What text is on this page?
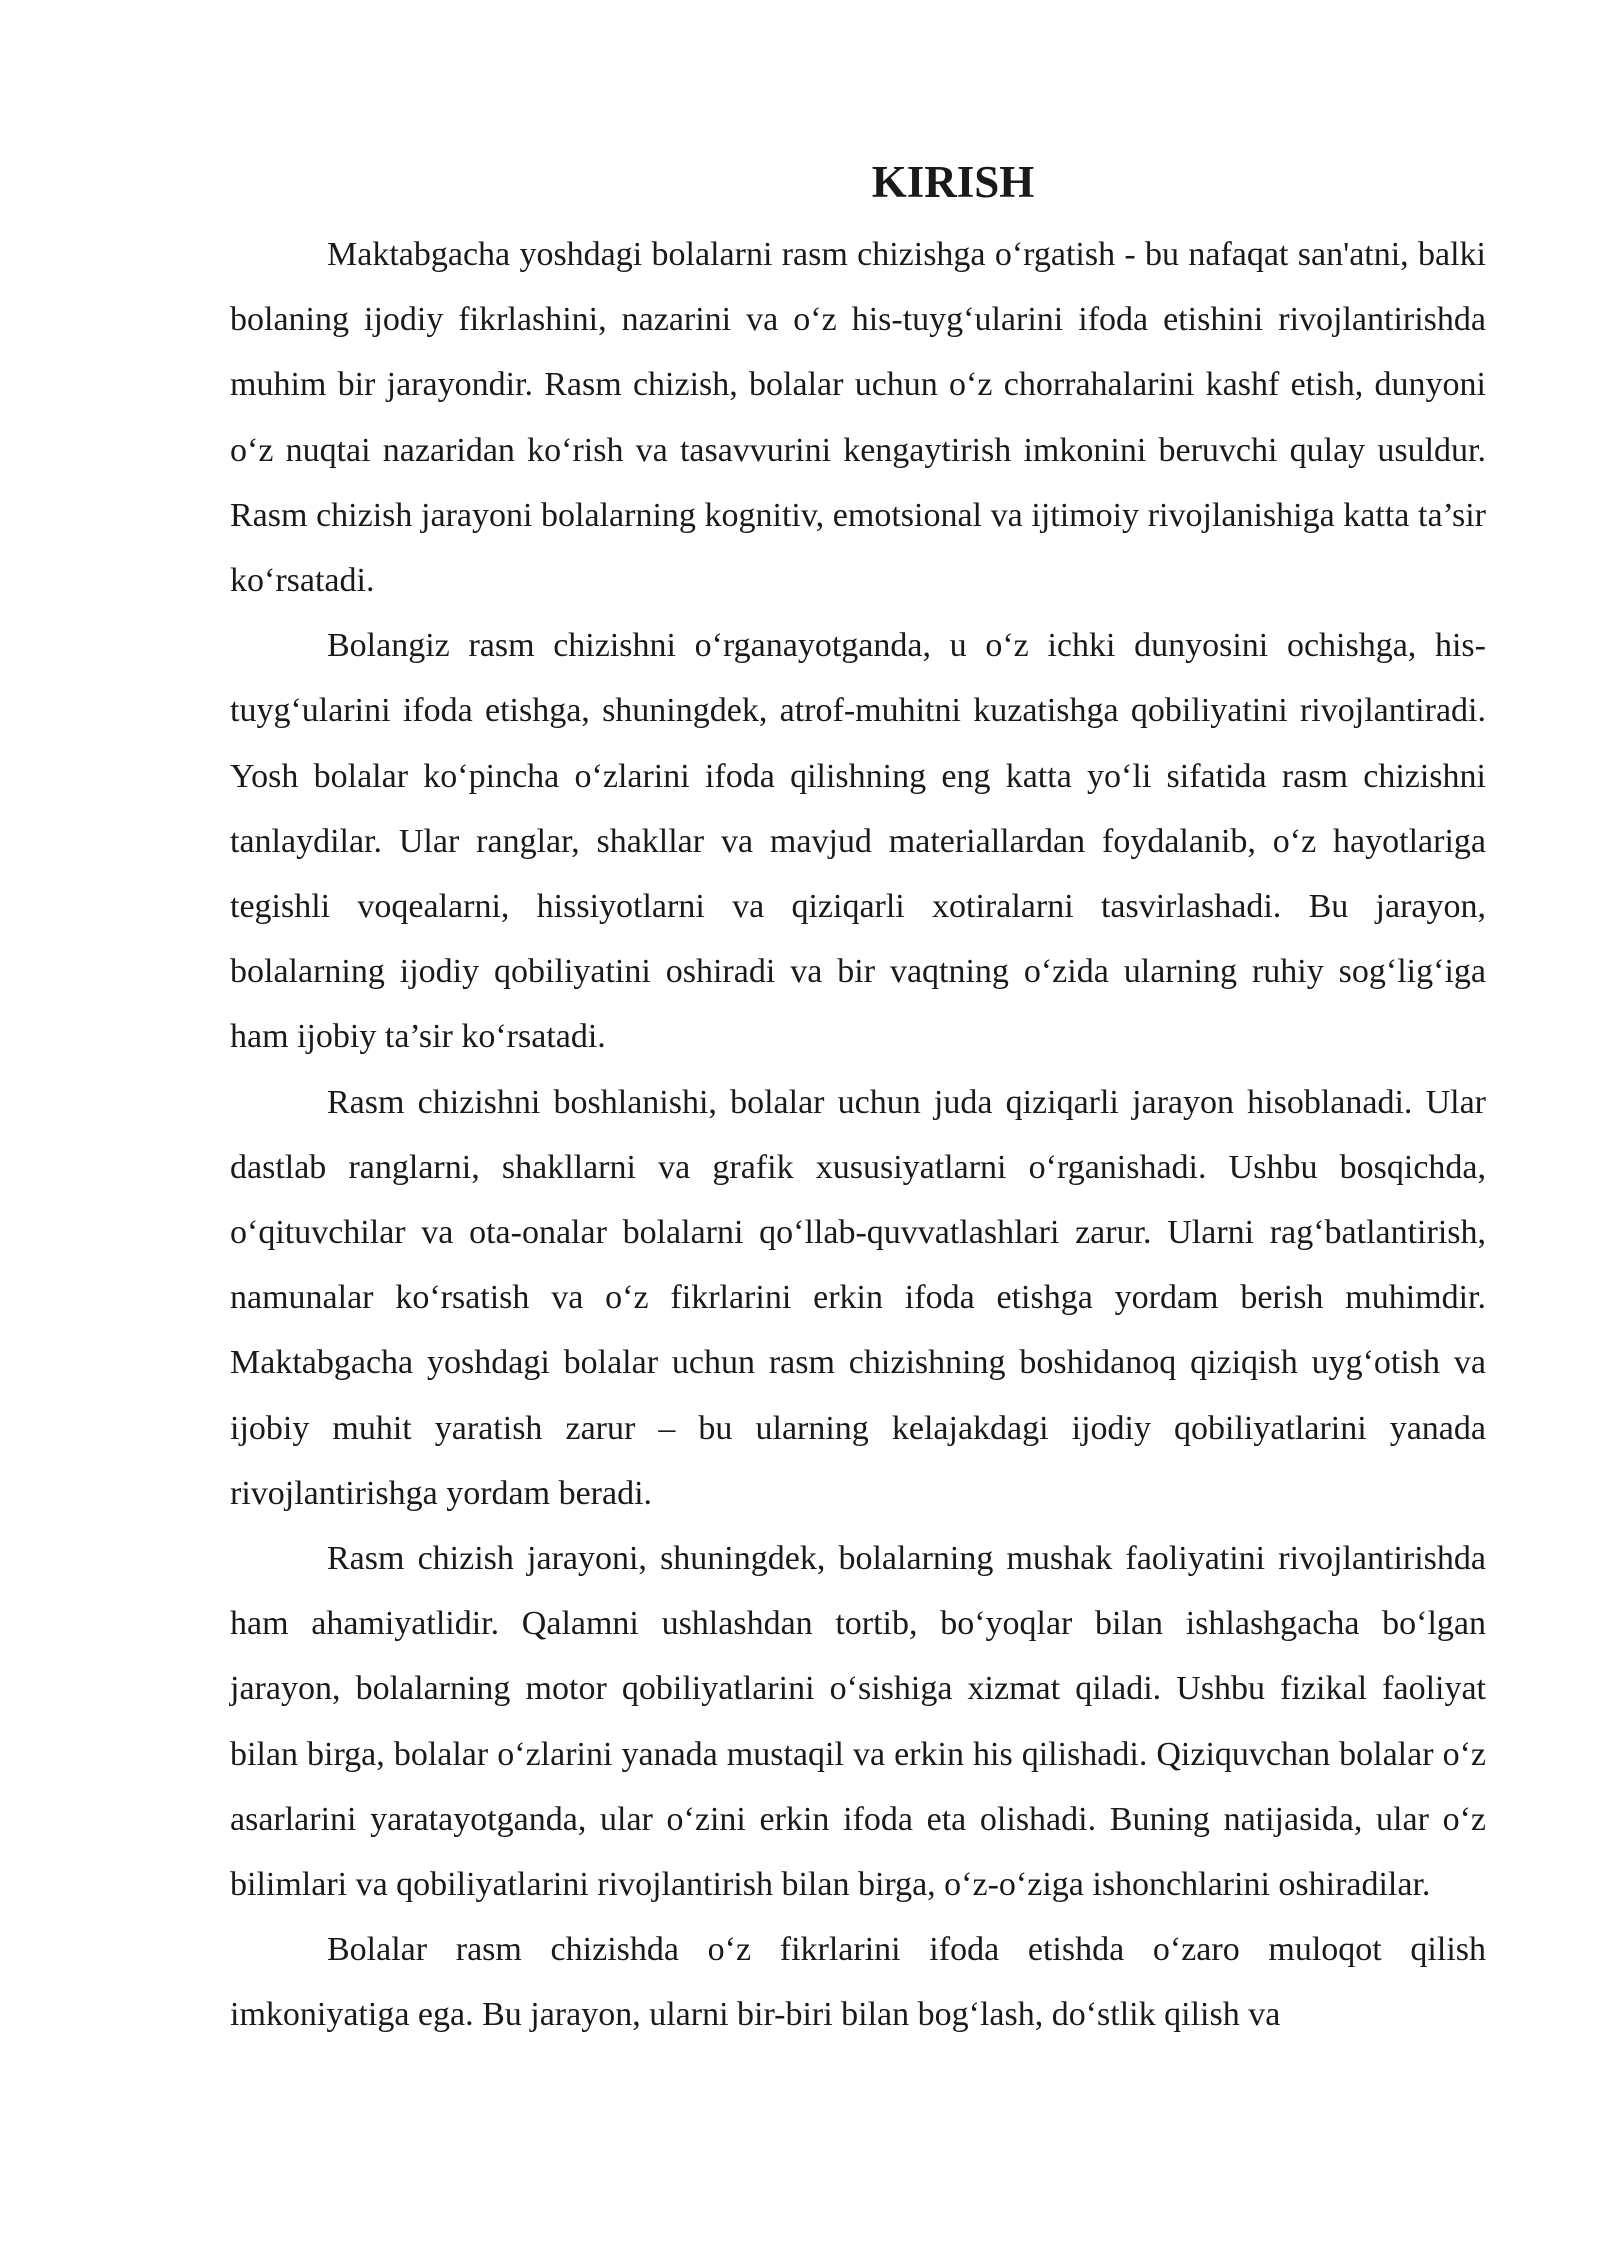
KIRISH

Maktabgacha yoshdagi bolalarni rasm chizishga o‘rgatish - bu nafaqat san'atni, balki bolaning ijodiy fikrlashini, nazarini va o‘z his-tuyg‘ularini ifoda etishini rivojlantirishda muhim bir jarayondir. Rasm chizish, bolalar uchun o‘z chorrahalarini kashf etish, dunyoni o‘z nuqtai nazaridan ko‘rish va tasavvurini kengaytirish imkonini beruvchi qulay usuldur. Rasm chizish jarayoni bolalarning kognitiv, emotsional va ijtimoiy rivojlanishiga katta ta’sir ko‘rsatadi.

Bolangiz rasm chizishni o‘rganayotganda, u o‘z ichki dunyosini ochishga, his-tuyg‘ularini ifoda etishga, shuningdek, atrof-muhitni kuzatishga qobiliyatini rivojlantiradi. Yosh bolalar ko‘pincha o‘zlarini ifoda qilishning eng katta yo‘li sifatida rasm chizishni tanlaydilar. Ular ranglar, shakllar va mavjud materiallardan foydalanib, o‘z hayotlariga tegishli voqealarni, hissiyotlarni va qiziqarli xotiralarni tasvirlashadi. Bu jarayon, bolalarning ijodiy qobiliyatini oshiradi va bir vaqtning o‘zida ularning ruhiy sog‘lig‘iga ham ijobiy ta’sir ko‘rsatadi.

Rasm chizishni boshlanishi, bolalar uchun juda qiziqarli jarayon hisoblanadi. Ular dastlab ranglarni, shakllarni va grafik xususiyatlarni o‘rganishadi. Ushbu bosqichda, o‘qituvchilar va ota-onalar bolalarni qo‘llab-quvvatlashlari zarur. Ularni rag‘batlantirish, namunalar ko‘rsatish va o‘z fikrlarini erkin ifoda etishga yordam berish muhimdir. Maktabgacha yoshdagi bolalar uchun rasm chizishning boshidanoq qiziqish uyg‘otish va ijobiy muhit yaratish zarur – bu ularning kelajakdagi ijodiy qobiliyatlarini yanada rivojlantirishga yordam beradi.

Rasm chizish jarayoni, shuningdek, bolalarning mushak faoliyatini rivojlantirishda ham ahamiyatlidir. Qalamni ushlashdan tortib, bo‘yoqlar bilan ishlashgacha bo‘lgan jarayon, bolalarning motor qobiliyatlarini o‘sishiga xizmat qiladi. Ushbu fizikal faoliyat bilan birga, bolalar o‘zlarini yanada mustaqil va erkin his qilishadi. Qiziquvchan bolalar o‘z asarlarini yaratayotganda, ular o‘zini erkin ifoda eta olishadi. Buning natijasida, ular o‘z bilimlari va qobiliyatlarini rivojlantirish bilan birga, o‘z-o‘ziga ishonchlarini oshiradilar.

Bolalar rasm chizishda o‘z fikrlarini ifoda etishda o‘zaro muloqot qilish imkoniyatiga ega. Bu jarayon, ularni bir-biri bilan bog‘lash, do‘stlik qilish va
